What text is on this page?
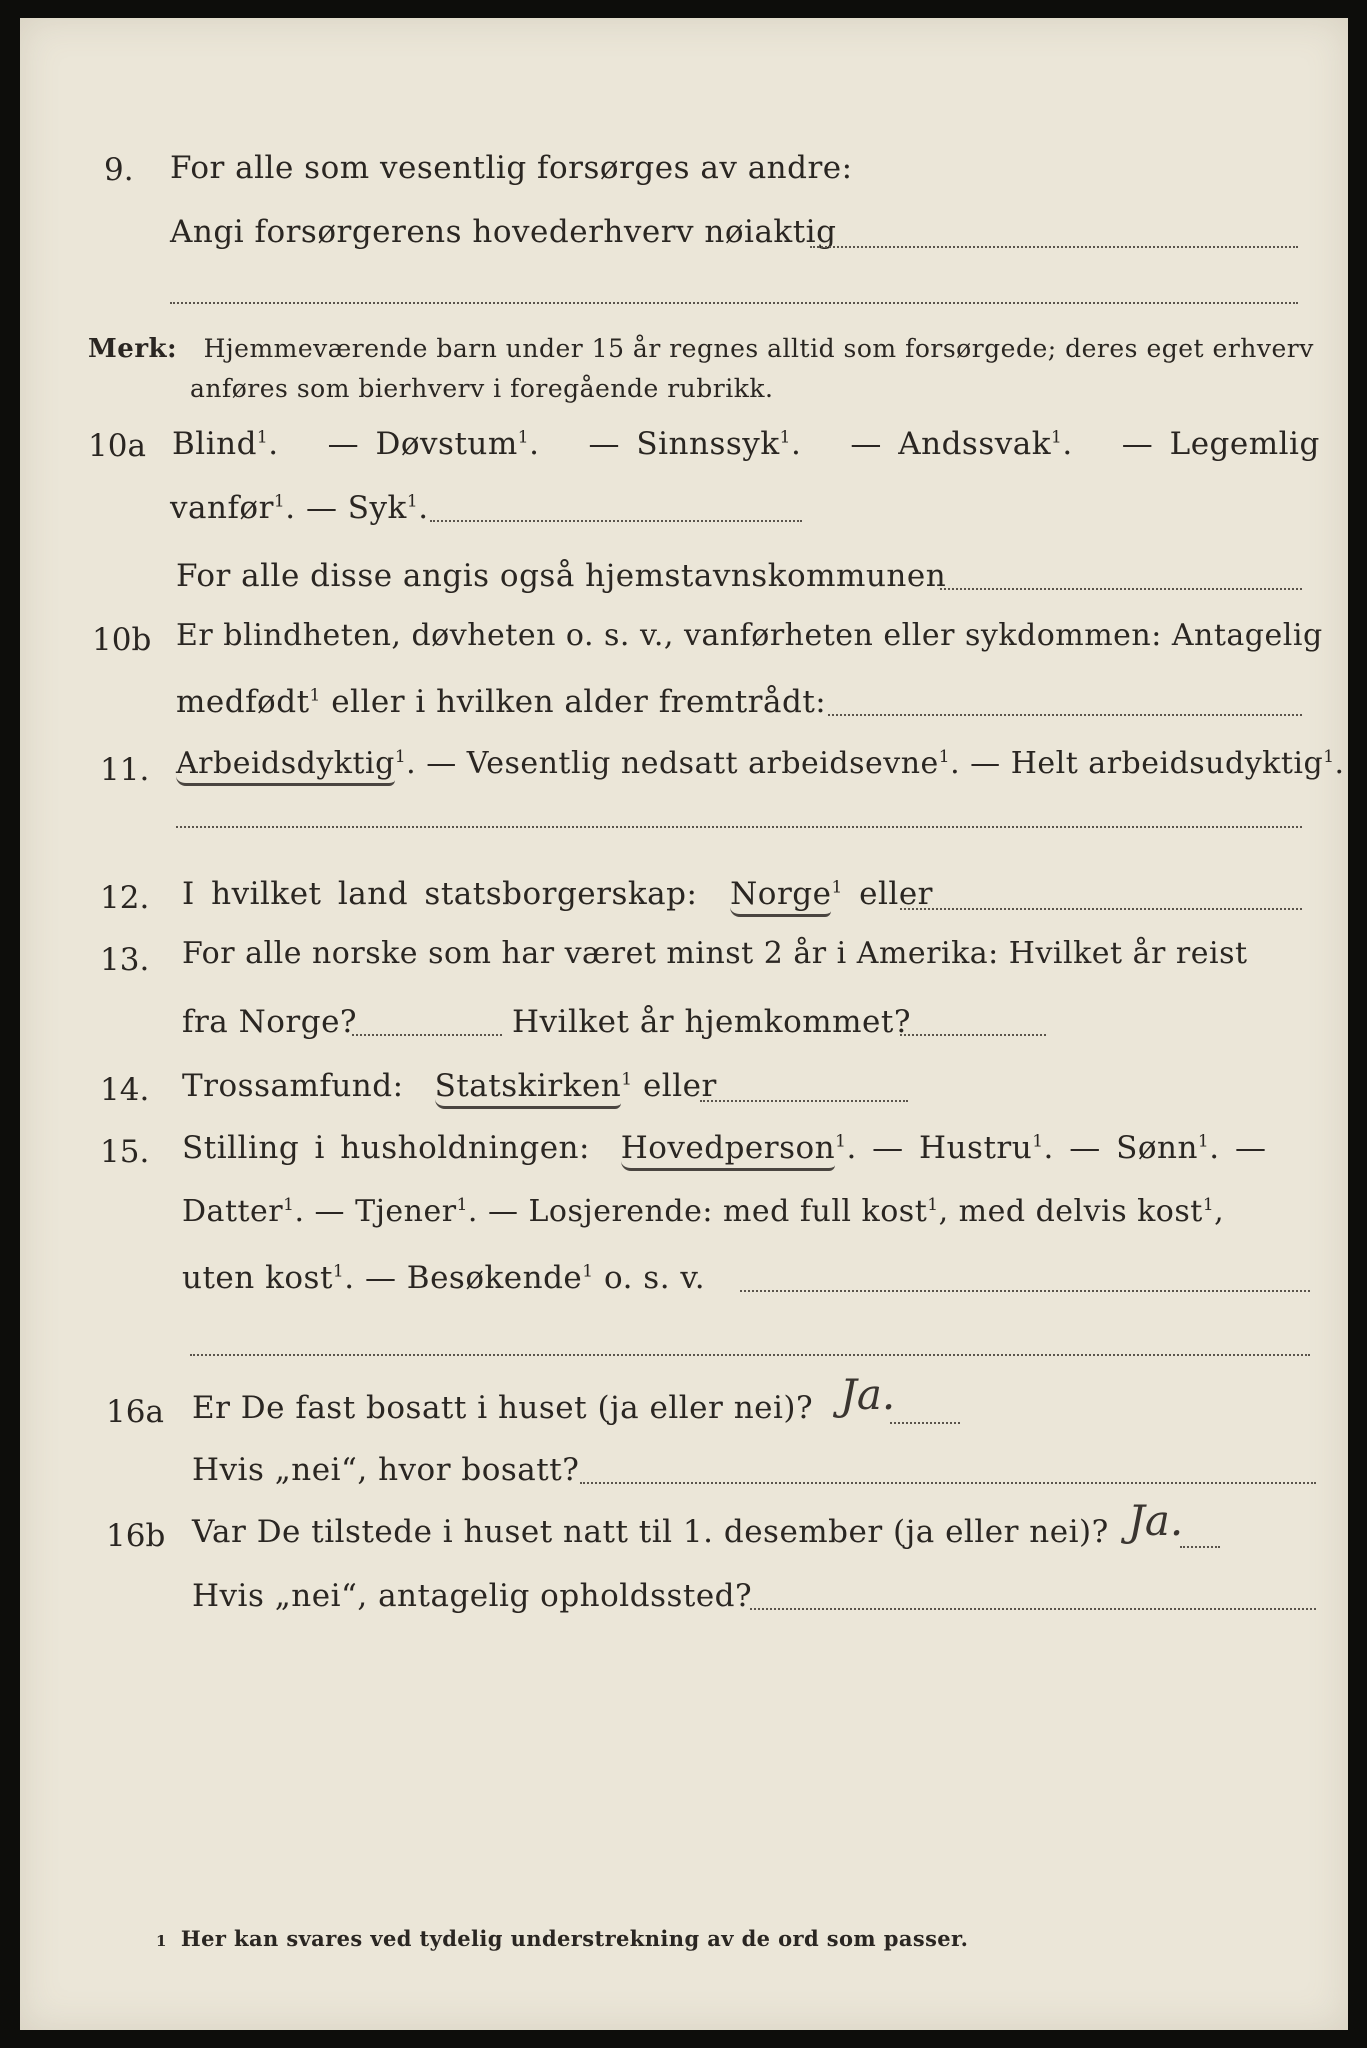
9. For alle som vesentlig forsørges av andre:
Angi forsørgerens hovederhverv nøiaktig
Merk: Hjemmeværende barn under 15 år regnes alltid som forsørgede; deres eget erhverv
anføres som bierhverv i foregående rubrikk.
10a Blind$^1$.   — Døvstum$^1$.   — Sinnssyk$^1$.   — Andssvak$^1$.   — Legemlig
vanfør$^1$. — Syk$^1$.
For alle disse angis også hjemstavnskommunen
10b Er blindheten, døvheten o. s. v., vanførheten eller sykdommen: Antagelig
medfødt$^1$ eller i hvilken alder fremtrådt:
11. Arbeidsdyktig$^1$. — Vesentlig nedsatt arbeidsevne$^1$. — Helt arbeidsudyktig$^1$.
12. I hvilket land statsborgerskap: Norge$^1$ eller
13. For alle norske som har været minst 2 år i Amerika: Hvilket år reist
fra Norge?	Hvilket år hjemkommet?
14. Trossamfund: Statskirken$^1$ eller
15. Stilling i husholdningen: Hovedperson$^1$. — Hustru$^1$. — Sønn$^1$. —
Datter$^1$. — Tjener$^1$. — Losjerende: med full kost$^1$, med delvis kost$^1$,
uten kost$^1$. — Besøkende$^1$ o. s. v.
16a Er De fast bosatt i huset (ja eller nei)? Ja.
Hvis „nei“, hvor bosatt?
16b Var De tilstede i huset natt til 1. desember (ja eller nei)? Ja.
Hvis „nei“, antagelig opholdssted?
1 Her kan svares ved tydelig understrekning av de ord som passer.
